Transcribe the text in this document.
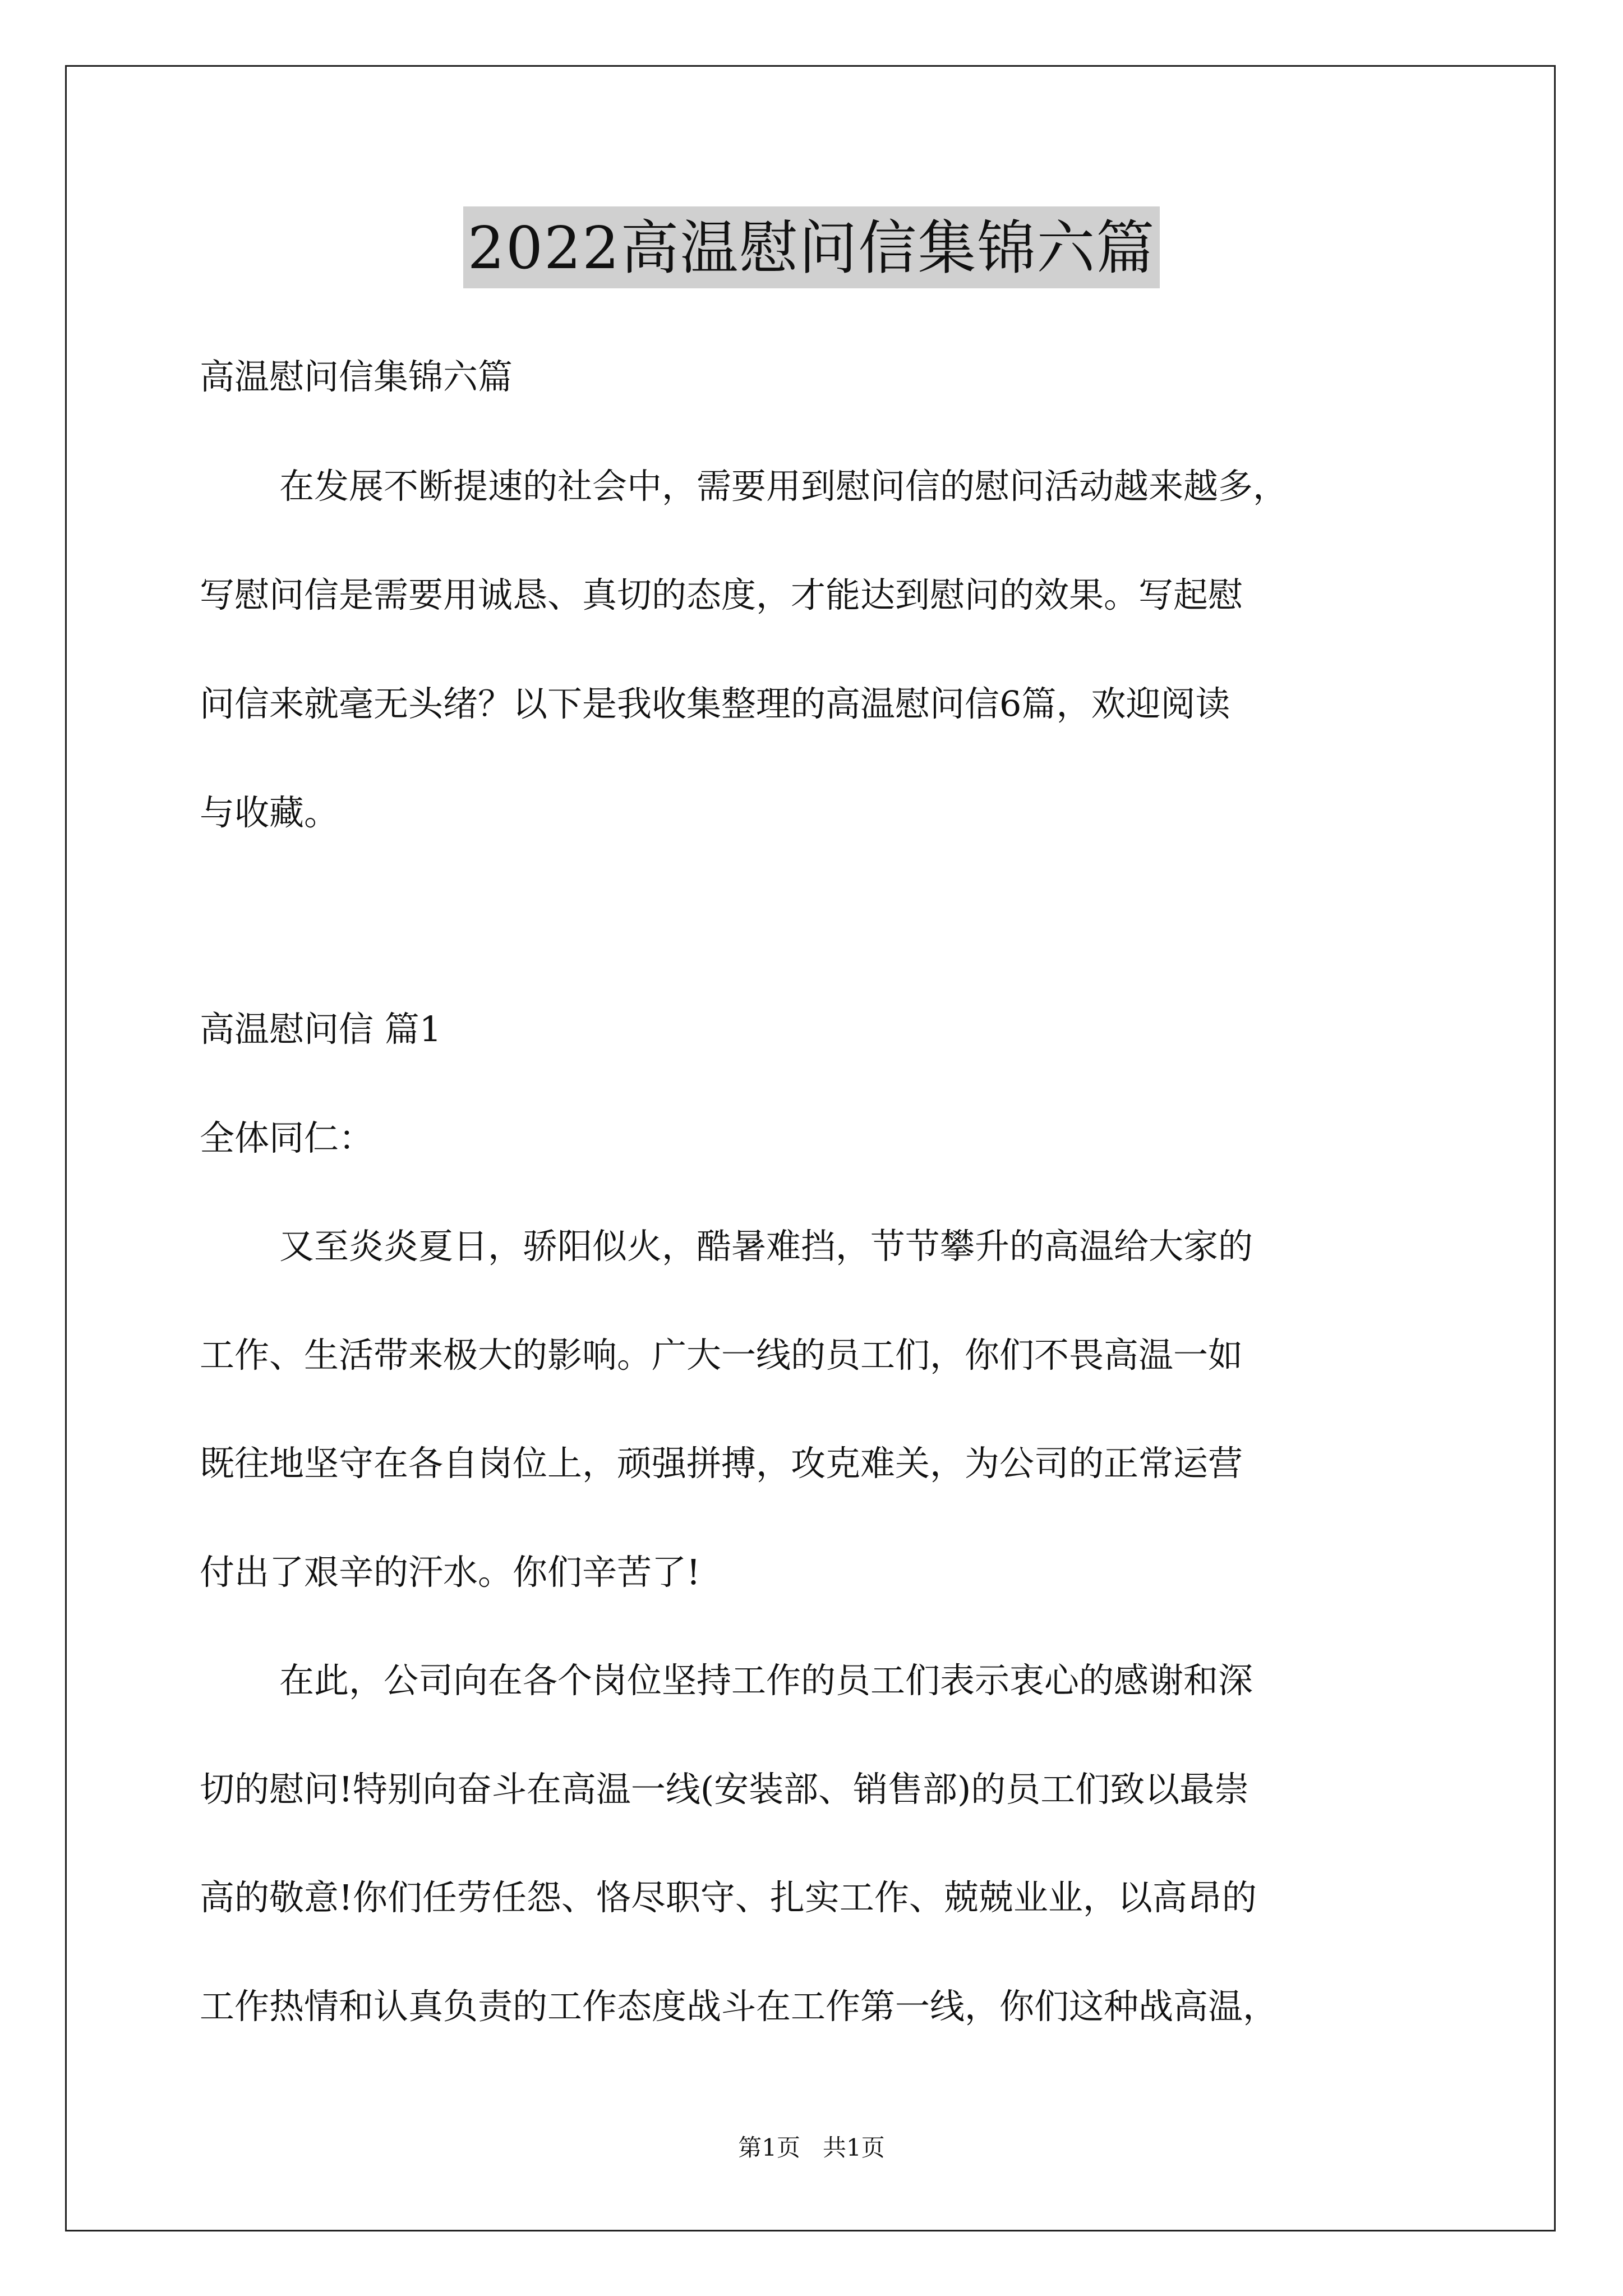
2022高温慰问信集锦六篇
高温慰问信集锦六篇
在发展不断提速的社会中，需要用到慰问信的慰问活动越来越多，
写慰问信是需要用诚恳、真切的态度，才能达到慰问的效果。写起慰
问信来就毫无头绪？以下是我收集整理的高温慰问信6篇，欢迎阅读
与收藏。
高温慰问信 篇1
全体同仁：
又至炎炎夏日，骄阳似火，酷暑难挡，节节攀升的高温给大家的
工作、生活带来极大的影响。广大一线的员工们，你们不畏高温一如
既往地坚守在各自岗位上，顽强拼搏，攻克难关，为公司的正常运营
付出了艰辛的汗水。你们辛苦了!
在此，公司向在各个岗位坚持工作的员工们表示衷心的感谢和深
切的慰问!特别向奋斗在高温一线(安装部、销售部)的员工们致以最崇
高的敬意!你们任劳任怨、恪尽职守、扎实工作、兢兢业业，以高昂的
工作热情和认真负责的工作态度战斗在工作第一线，你们这种战高温，
第1页   共1页
